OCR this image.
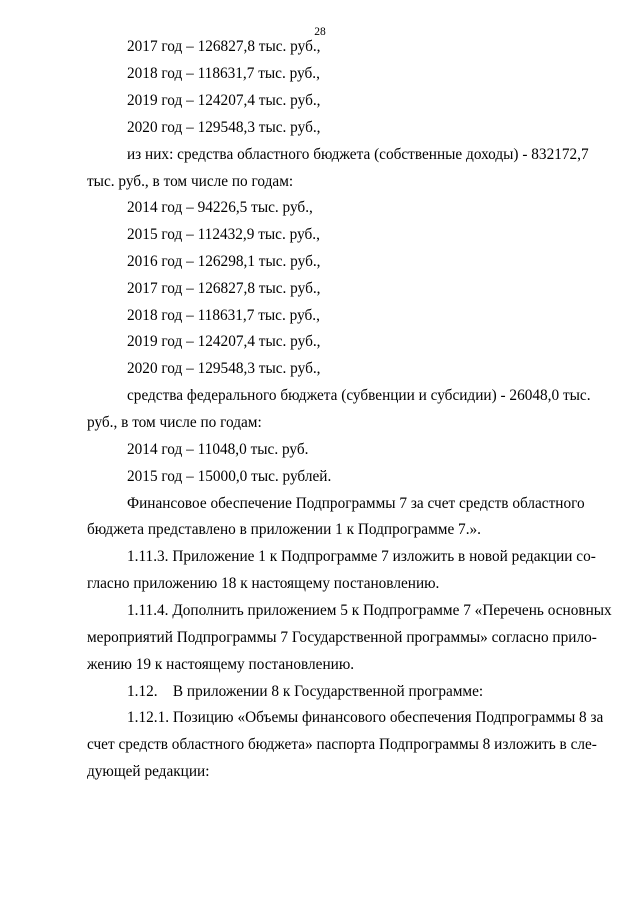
28
2017 год – 126827,8 тыс. руб.,
2018 год – 118631,7 тыс. руб.,
2019 год – 124207,4 тыс. руб.,
2020 год – 129548,3 тыс. руб.,
из них: средства областного бюджета (собственные доходы) - 832172,7
тыс. руб., в том числе по годам:
2014 год – 94226,5 тыс. руб.,
2015 год – 112432,9 тыс. руб.,
2016 год – 126298,1 тыс. руб.,
2017 год – 126827,8 тыс. руб.,
2018 год – 118631,7 тыс. руб.,
2019 год – 124207,4 тыс. руб.,
2020 год – 129548,3 тыс. руб.,
средства федерального бюджета (субвенции и субсидии) - 26048,0 тыс.
руб., в том числе по годам:
2014 год – 11048,0 тыс. руб.
2015 год – 15000,0 тыс. рублей.
Финансовое обеспечение Подпрограммы 7 за счет средств областного
бюджета представлено в приложении 1 к Подпрограмме 7.».
1.11.3. Приложение 1 к Подпрограмме 7 изложить в новой редакции со-
гласно приложению 18 к настоящему постановлению.
1.11.4. Дополнить приложением 5 к Подпрограмме 7 «Перечень основных
мероприятий Подпрограммы 7 Государственной программы» согласно прило-
жению 19 к настоящему постановлению.
1.12.    В приложении 8 к Государственной программе:
1.12.1. Позицию «Объемы финансового обеспечения Подпрограммы 8 за
счет средств областного бюджета» паспорта Подпрограммы 8 изложить в сле-
дующей редакции:
